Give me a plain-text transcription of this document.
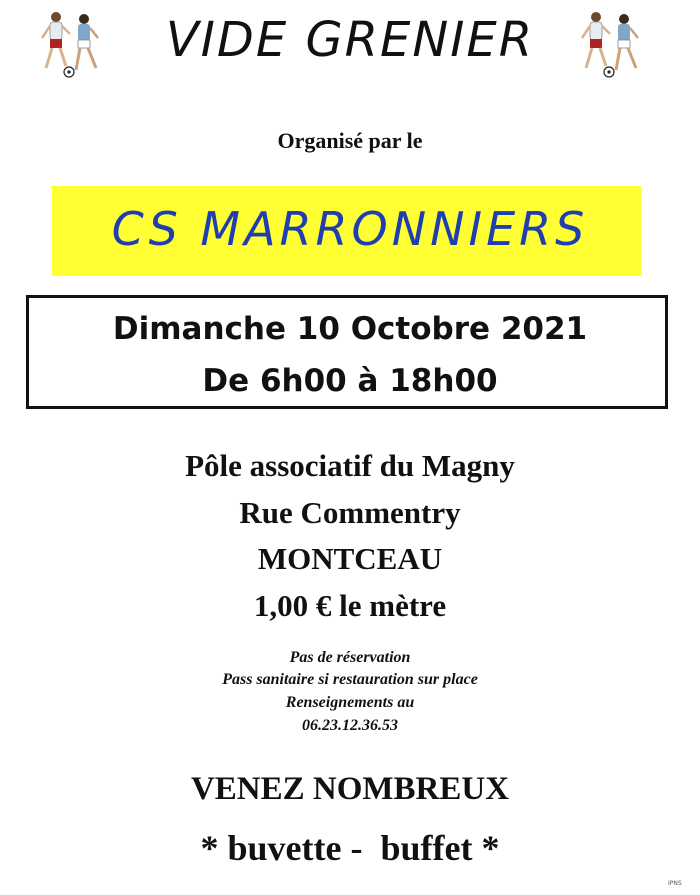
VIDE GRENIER
Organisé par le
CS MARRONNIERS
Dimanche 10 Octobre 2021
De 6h00 à 18h00
Pôle associatif du Magny
Rue Commentry
MONTCEAU
1,00 € le mètre
Pas de réservation
Pass sanitaire si restauration sur place
Renseignements au
06.23.12.36.53
VENEZ NOMBREUX
* buvette -  buffet *
IPNS
